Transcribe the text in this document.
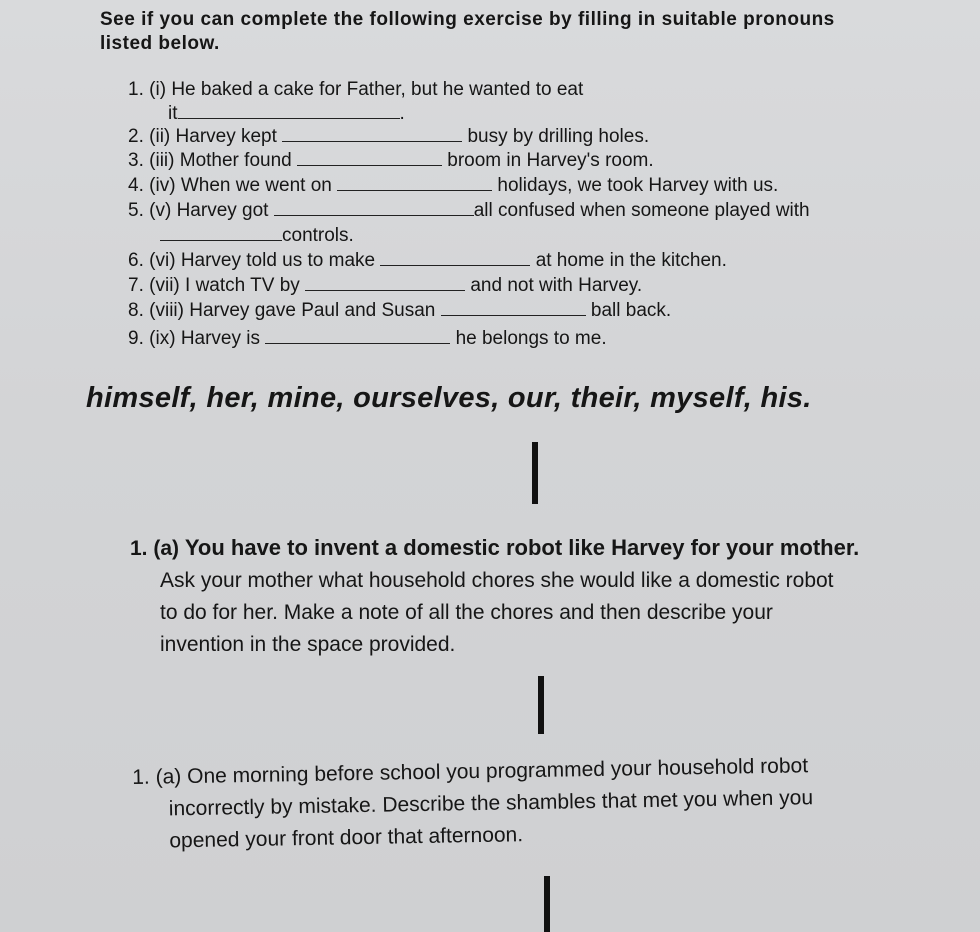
See if you can complete the following exercise by filling in suitable pronouns listed below.
1. (i) He baked a cake for Father, but he wanted to eat
it	.
2. (ii) Harvey kept	busy by drilling holes.
3. (iii) Mother found	broom in Harvey's room.
4. (iv) When we went on	holidays, we took Harvey with us.
5. (v) Harvey got	all confused when someone played with
controls.
6. (vi) Harvey told us to make	at home in the kitchen.
7. (vii) I watch TV by	and not with Harvey.
8. (viii) Harvey gave Paul and Susan	ball back.
9. (ix) Harvey is	he belongs to me.
himself, her, mine, ourselves, our, their, myself, his.
1. (a) You have to invent a domestic robot like Harvey for your mother.
Ask your mother what household chores she would like a domestic robot
to do for her. Make a note of all the chores and then describe your
invention in the space provided.
1. (a) One morning before school you programmed your household robot
incorrectly by mistake. Describe the shambles that met you when you
opened your front door that afternoon.
